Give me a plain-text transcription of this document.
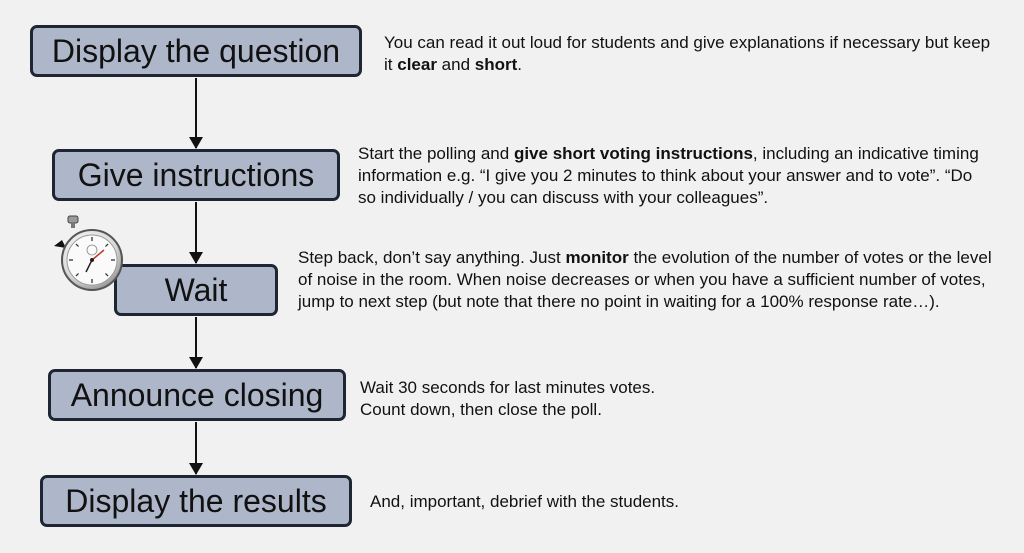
Display the question
Give instructions
Wait
Announce closing
Display the results
You can read it out loud for students and give explanations if necessary but keep it clear and short.
Start the polling and give short voting instructions, including an indicative timing information e.g. “I give you 2 minutes to think about your answer and to vote”. “Do so individually / you can discuss with your colleagues”.
Step back, don’t say anything. Just monitor the evolution of the number of votes or the level of noise in the room. When noise decreases or when you have a sufficient number of votes, jump to next step (but note that there no point in waiting for a 100% response rate…).
Wait 30 seconds for last minutes votes. Count down, then close the poll.
And, important, debrief with the students.
